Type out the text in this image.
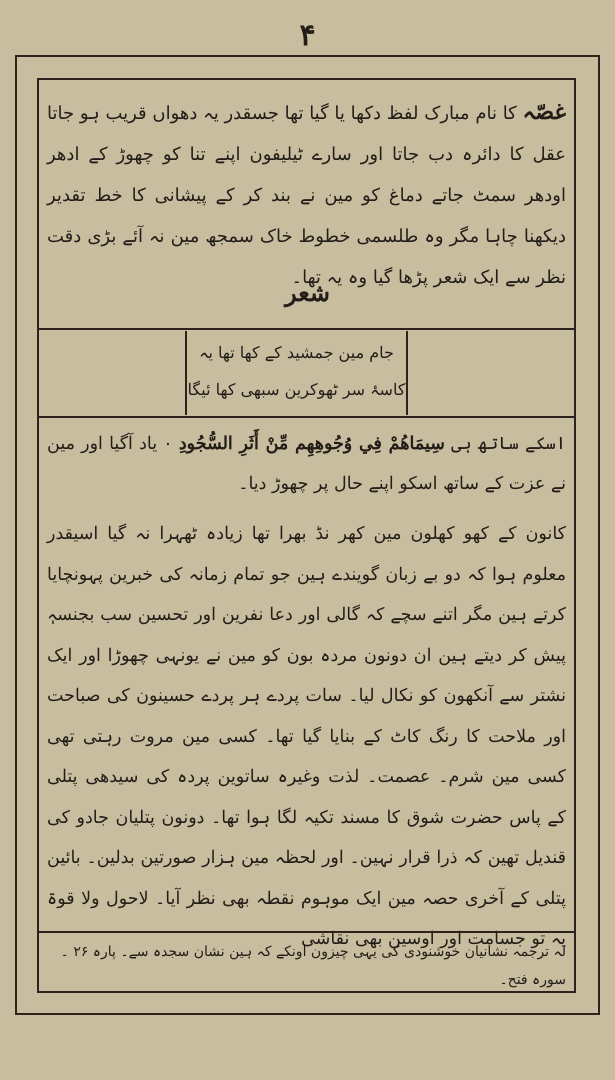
۴
غصّہ کا نام مبارک لفظ دکھا یا گیا تھا جسقدر یہ دھواں قریب ہو جاتا عقل کا دائرہ دب جاتا اور سارے ٹیلیفون اپنے تنا کو چھوڑ کے ادھر اودھر سمٹ جاتے دماغ کو مین نے بند کر کے پیشانی کا خط تقدیر دیکھنا چاہا مگر وہ طلسمی خطوط خاک سمجھ مین نہ آئے بڑی دقت نظر سے ایک شعر پڑھا گیا وہ یہ تھا۔
شعر
جام مین جمشید کے کھا تھا یہ
کاسۂ سر ٹھوکرین سبھی کھا ئیگا
اسکے ساتھ ہی سِيمَاهُمْ فِي وُجُوهِهِم مِّنْ أَثَرِ السُّجُودِ ۰ یاد آگیا اور مین نے عزت کے ساتھ اسکو اپنے حال پر چھوڑ دیا۔
کانون کے کھو کھلون مین کھر نڈ بھرا تھا زیادہ ٹھہرا نہ گیا اسیقدر معلوم ہوا کہ دو بے زبان گویندے ہین جو تمام زمانہ کی خبرین پہونچایا کرتے ہین مگر اتنے سچے کہ گالی اور دعا نفرین اور تحسین سب بجنسہٖ پیش کر دیتے ہین ان دونون مردہ بون کو مین نے یونہی چھوڑا اور ایک نشتر سے آنکھون کو نکال لیا۔ سات پردے ہر پردے حسینون کی صباحت اور ملاحت کا رنگ کاٹ کے بنایا گیا تھا۔ کسی مین مروت رہتی تھی کسی مین شرم۔ عصمت۔ لذت وغیرہ ساتوین پردہ کی سیدھی پتلی کے پاس حضرت شوق کا مسند تکیہ لگا ہوا تھا۔ دونون پتلیان جادو کی قندیل تھین کہ ذرا قرار نہین۔ اور لحظہ مین ہزار صورتین بدلین۔ بائین پتلی کے آخری حصہ مین ایک موہوم نقطہ بھی نظر آیا۔ لاحول ولا قوۃ یہ تو جسامت اور اوسین بھی نقاشی
لہ ترجمہ نشانیان خوشنودی کی یہی چیزون اونکے کہ ہین نشان سجدہ سے۔ پارہ ۲۶ ۔ سورہ فتح۔
